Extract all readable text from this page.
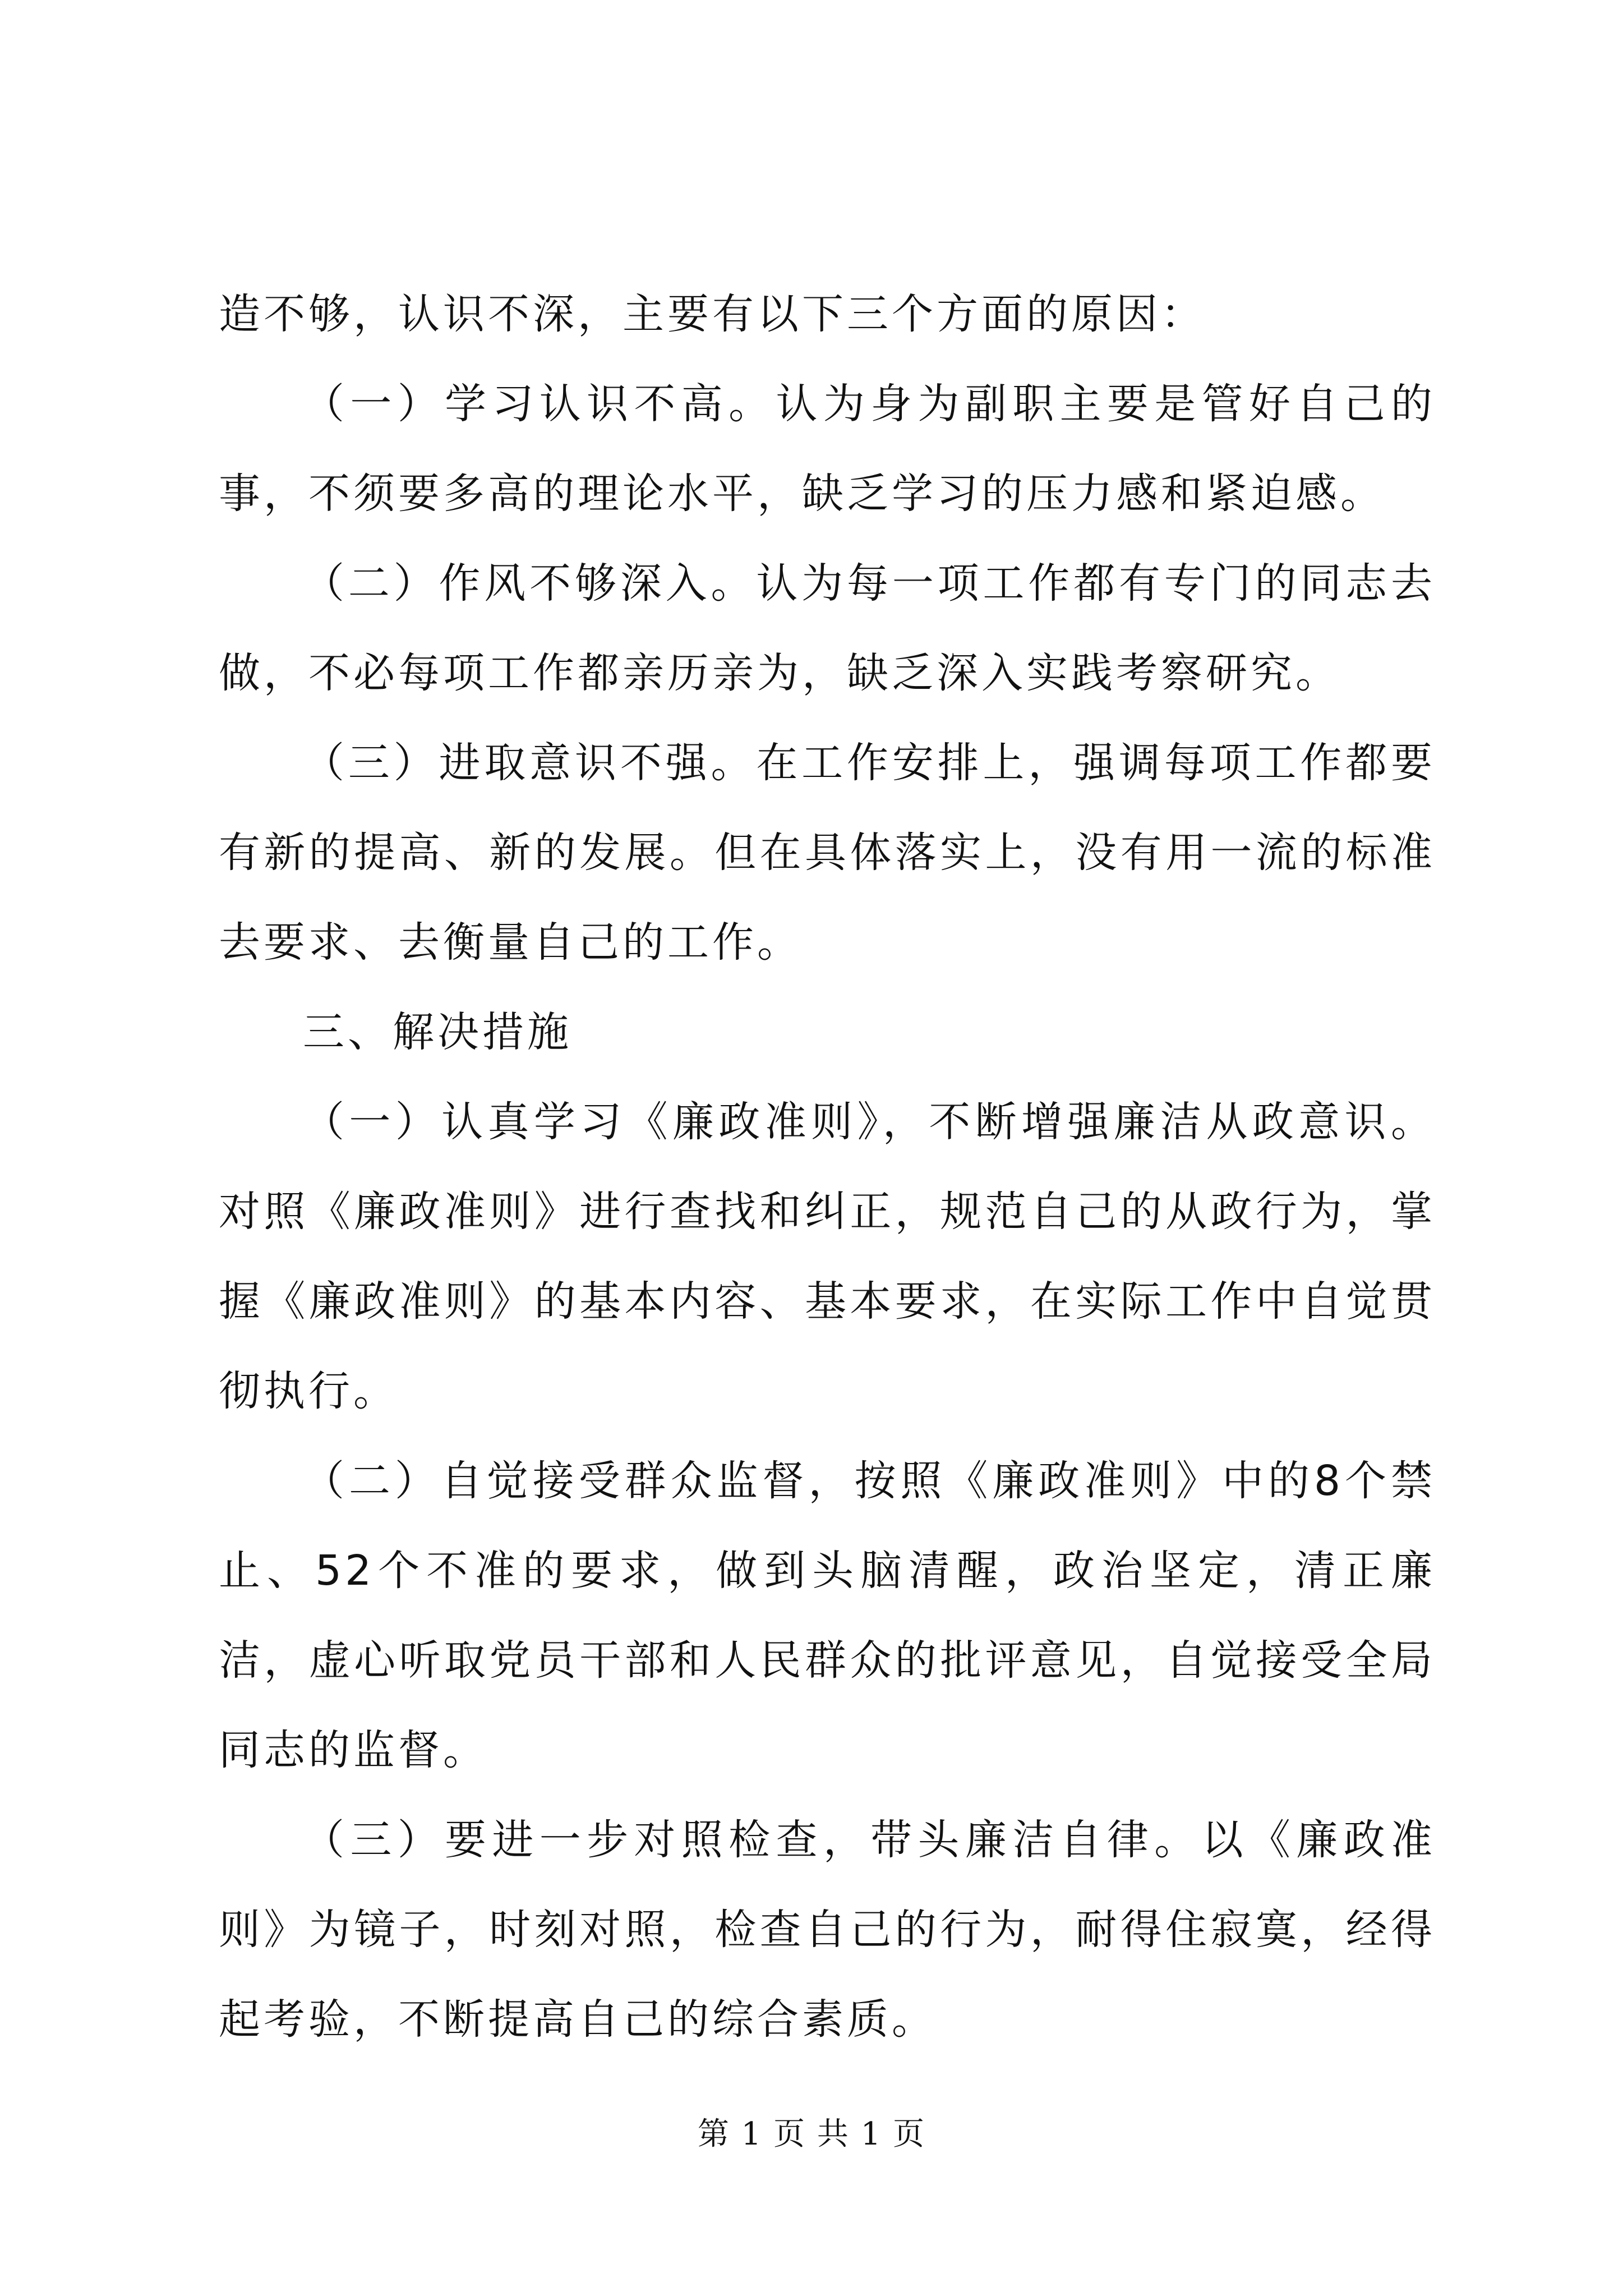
造不够，认识不深，主要有以下三个方面的原因：

（一）学习认识不高。认为身为副职主要是管好自己的事，不须要多高的理论水平，缺乏学习的压力感和紧迫感。

（二）作风不够深入。认为每一项工作都有专门的同志去做，不必每项工作都亲历亲为，缺乏深入实践考察研究。

（三）进取意识不强。在工作安排上，强调每项工作都要有新的提高、新的发展。但在具体落实上，没有用一流的标准去要求、去衡量自己的工作。

三、解决措施

（一）认真学习《廉政准则》，不断增强廉洁从政意识。对照《廉政准则》进行查找和纠正，规范自己的从政行为，掌握《廉政准则》的基本内容、基本要求，在实际工作中自觉贯彻执行。

（二）自觉接受群众监督，按照《廉政准则》中的8个禁止、52个不准的要求，做到头脑清醒，政治坚定，清正廉洁，虚心听取党员干部和人民群众的批评意见，自觉接受全局同志的监督。

（三）要进一步对照检查，带头廉洁自律。以《廉政准则》为镜子，时刻对照，检查自己的行为，耐得住寂寞，经得起考验，不断提高自己的综合素质。

第 1 页 共 1 页
